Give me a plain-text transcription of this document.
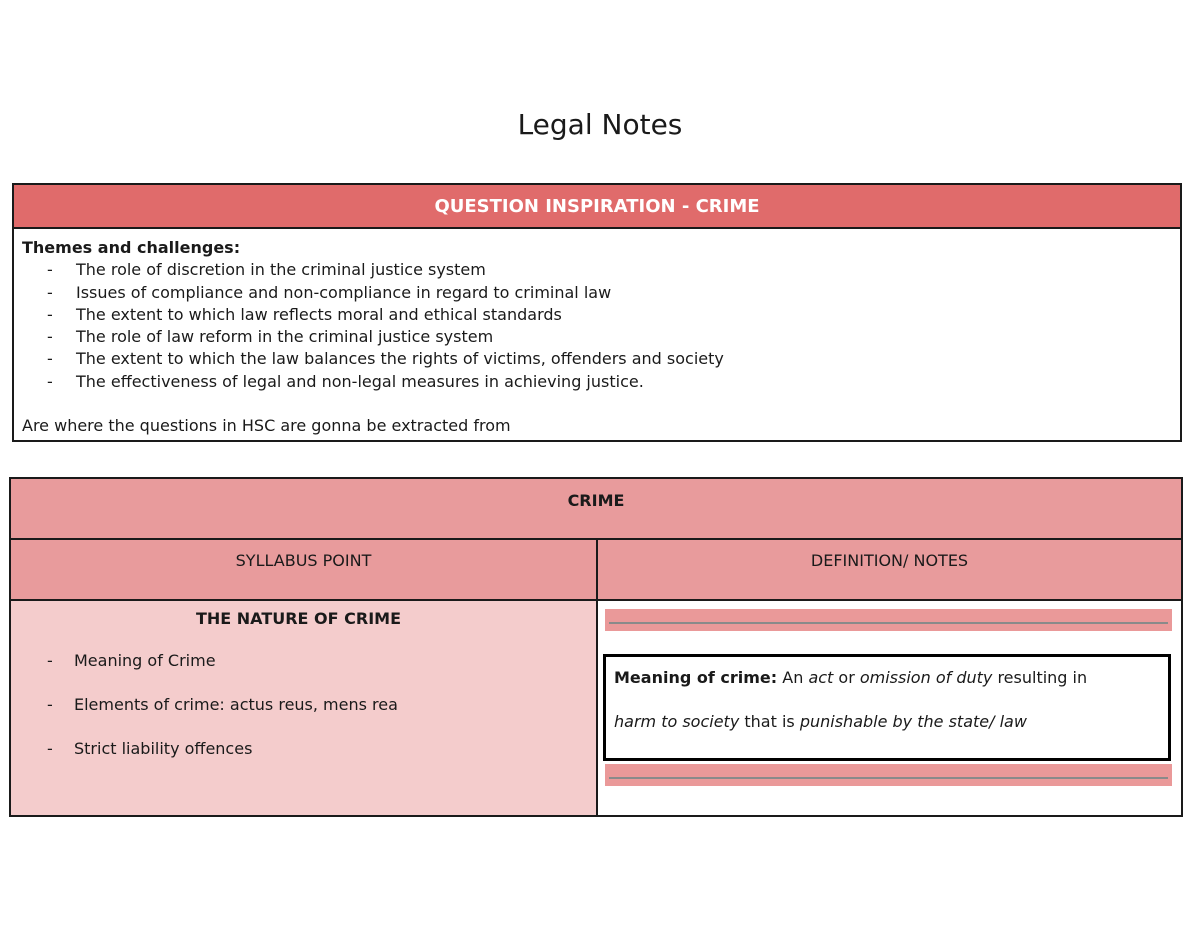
Legal Notes
QUESTION INSPIRATION - CRIME
Themes and challenges:
- The role of discretion in the criminal justice system
- Issues of compliance and non-compliance in regard to criminal law
- The extent to which law reflects moral and ethical standards
- The role of law reform in the criminal justice system
- The extent to which the law balances the rights of victims, offenders and society
- The effectiveness of legal and non-legal measures in achieving justice.
Are where the questions in HSC are gonna be extracted from
CRIME
SYLLABUS POINT	DEFINITION/ NOTES
THE NATURE OF CRIME
- Meaning of Crime
- Elements of crime: actus reus, mens rea
- Strict liability offences

Meaning of crime: An act or omission of duty resulting in

harm to society that is punishable by the state/ law
